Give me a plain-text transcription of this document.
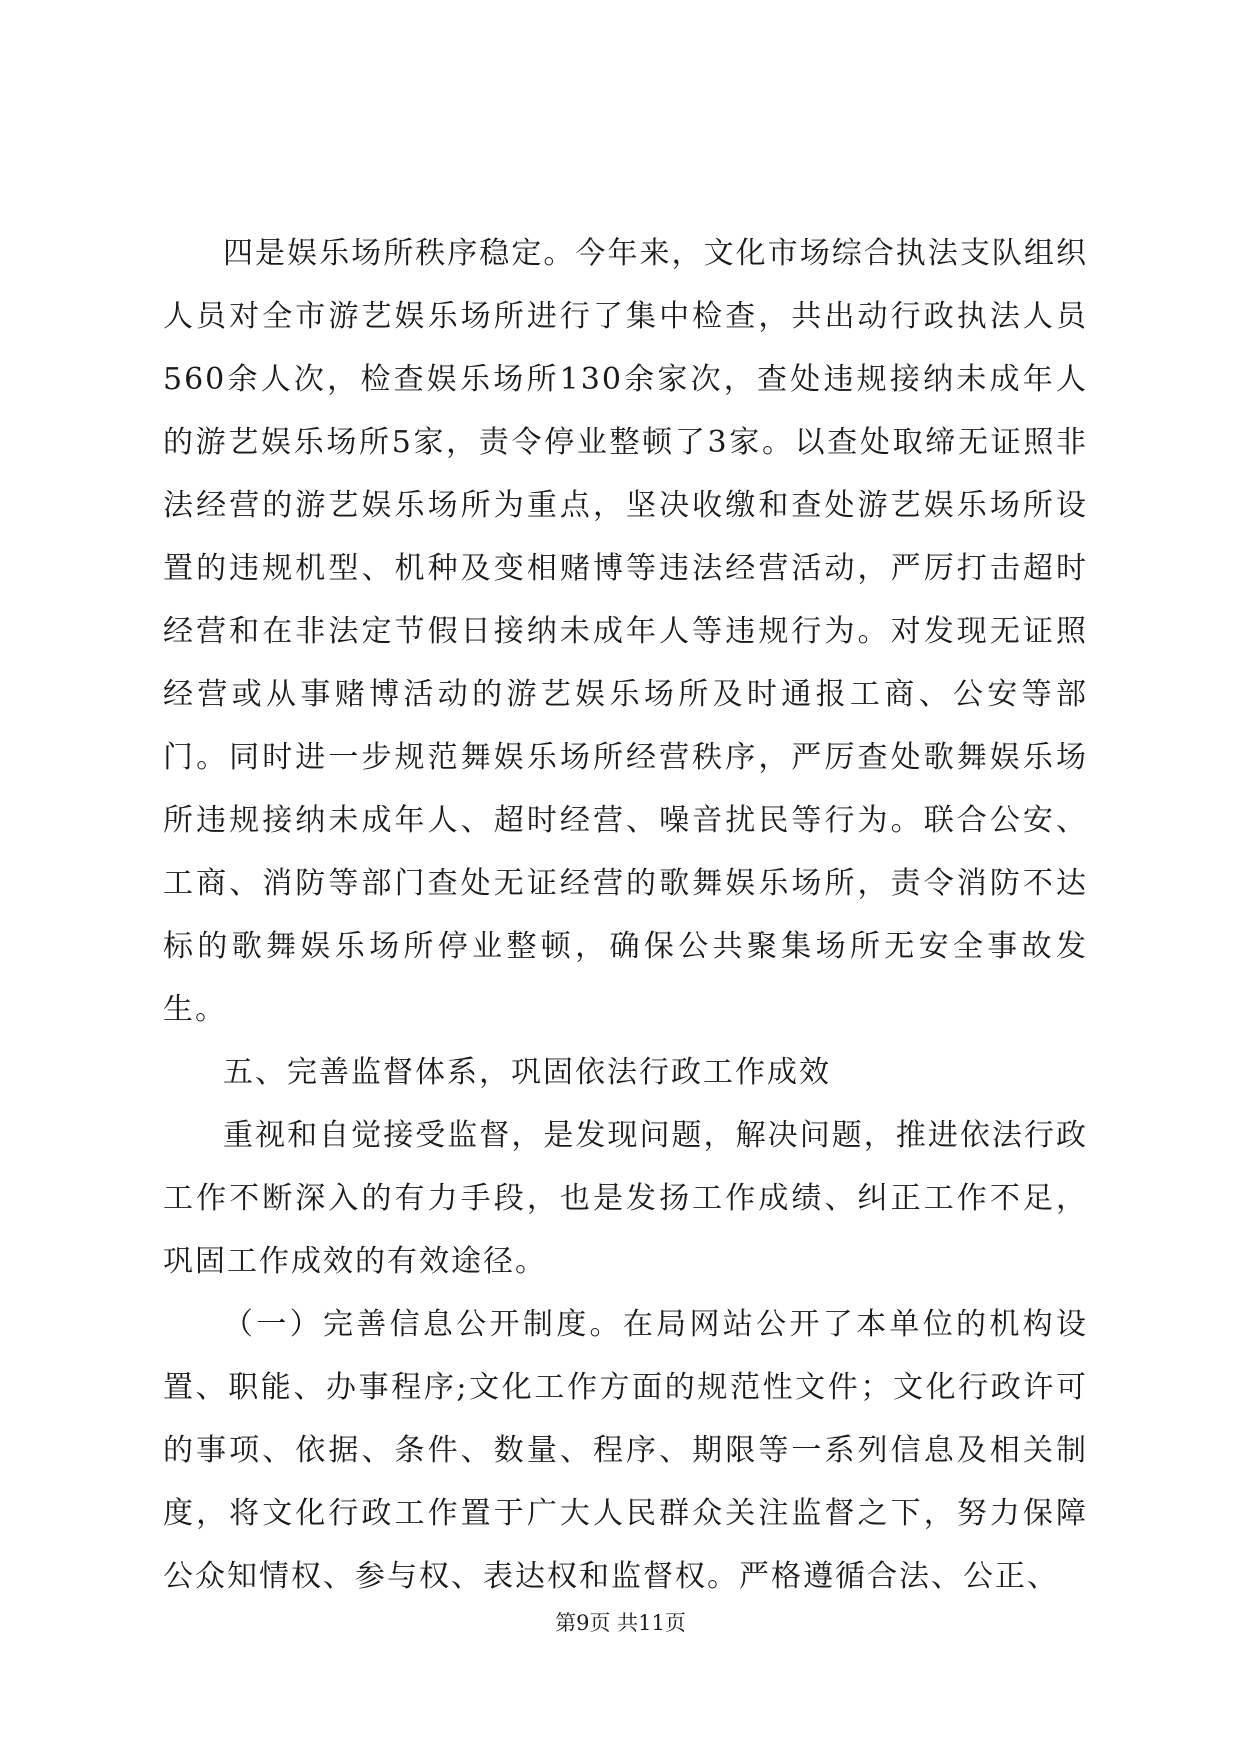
四是娱乐场所秩序稳定。今年来，文化市场综合执法支队组织人员对全市游艺娱乐场所进行了集中检查，共出动行政执法人员560余人次，检查娱乐场所130余家次，查处违规接纳未成年人的游艺娱乐场所5家，责令停业整顿了3家。以查处取缔无证照非法经营的游艺娱乐场所为重点，坚决收缴和查处游艺娱乐场所设置的违规机型、机种及变相赌博等违法经营活动，严厉打击超时经营和在非法定节假日接纳未成年人等违规行为。对发现无证照经营或从事赌博活动的游艺娱乐场所及时通报工商、公安等部门。同时进一步规范舞娱乐场所经营秩序，严厉查处歌舞娱乐场所违规接纳未成年人、超时经营、噪音扰民等行为。联合公安、工商、消防等部门查处无证经营的歌舞娱乐场所，责令消防不达标的歌舞娱乐场所停业整顿，确保公共聚集场所无安全事故发生。

五、完善监督体系，巩固依法行政工作成效

重视和自觉接受监督，是发现问题，解决问题，推进依法行政工作不断深入的有力手段，也是发扬工作成绩、纠正工作不足，巩固工作成效的有效途径。

（一）完善信息公开制度。在局网站公开了本单位的机构设置、职能、办事程序;文化工作方面的规范性文件；文化行政许可的事项、依据、条件、数量、程序、期限等一系列信息及相关制度，将文化行政工作置于广大人民群众关注监督之下，努力保障公众知情权、参与权、表达权和监督权。严格遵循合法、公正、

第9页 共11页
